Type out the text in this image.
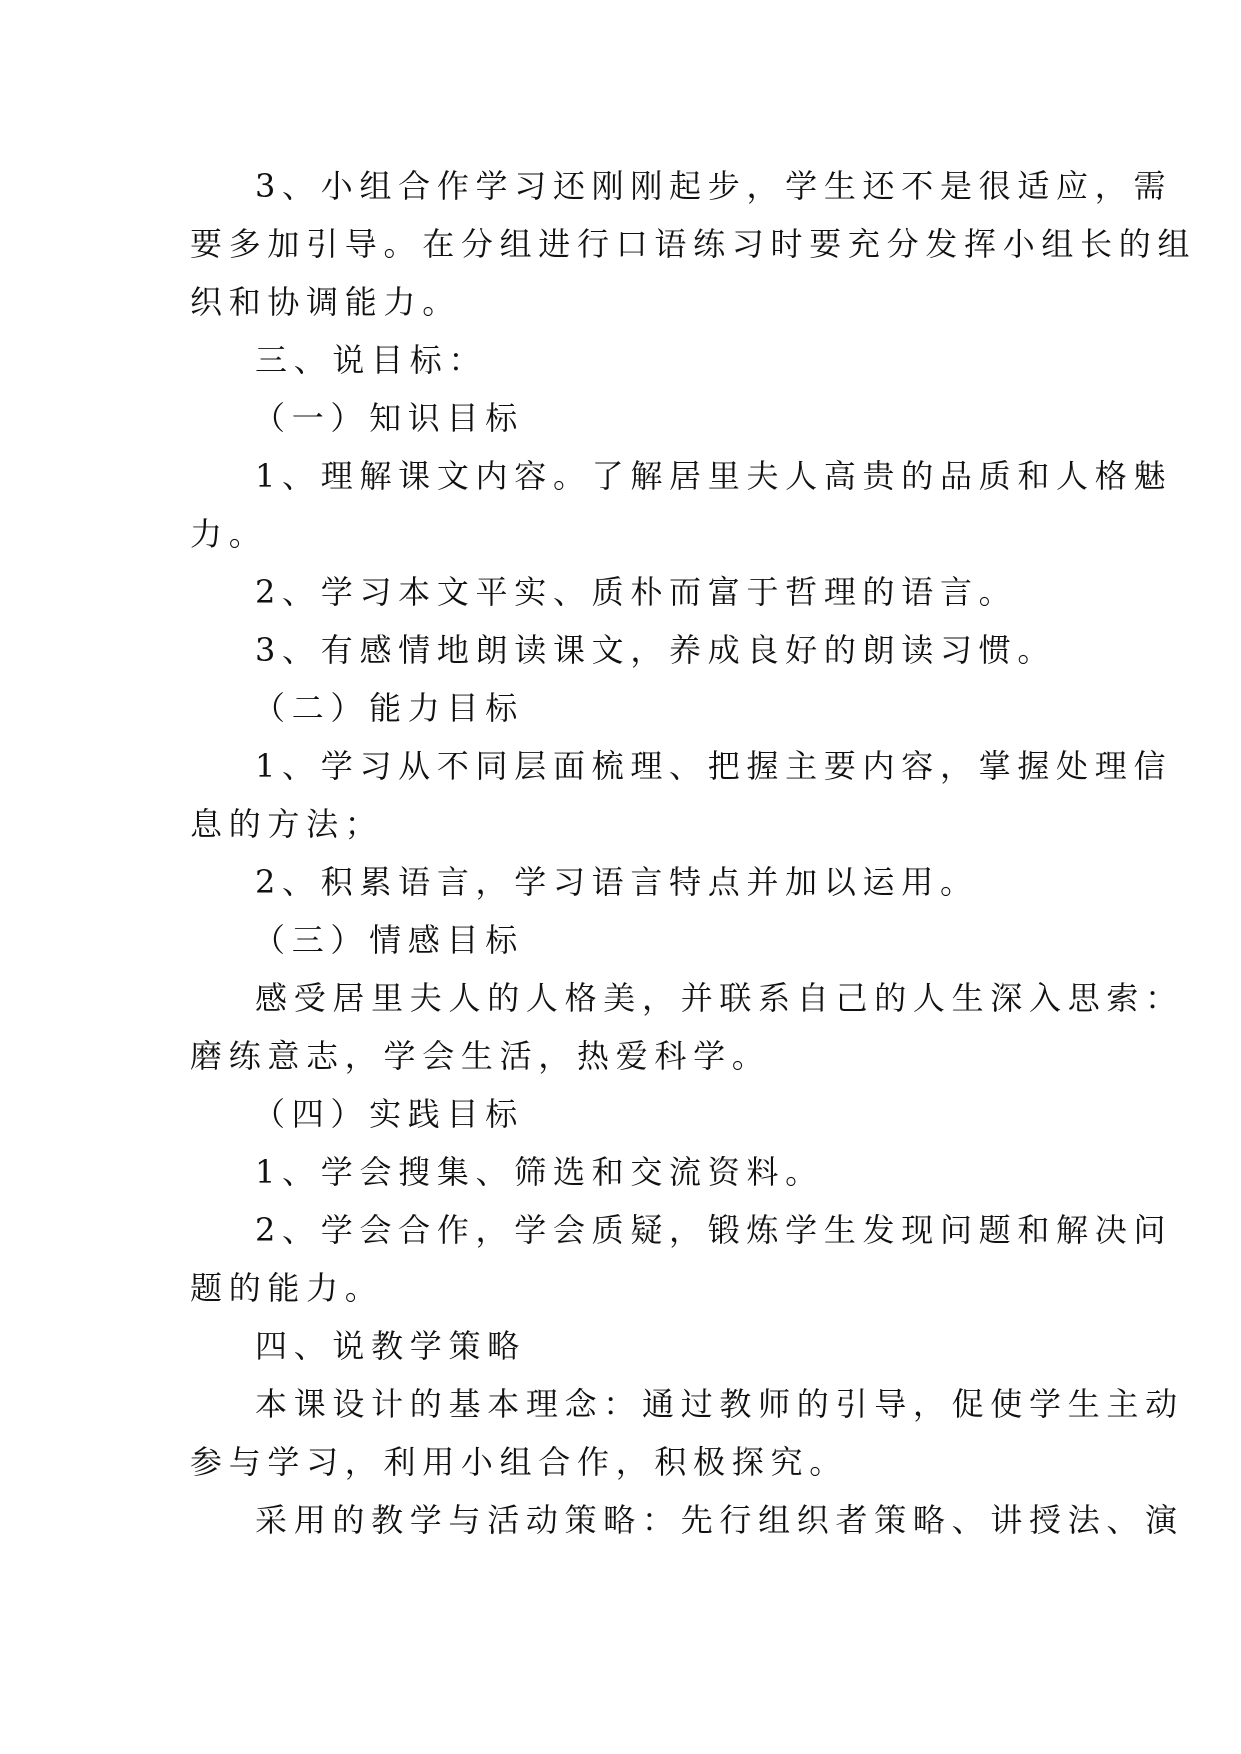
3、小组合作学习还刚刚起步，学生还不是很适应，需
要多加引导。在分组进行口语练习时要充分发挥小组长的组
织和协调能力。
三、说目标：
（一）知识目标
1、理解课文内容。了解居里夫人高贵的品质和人格魅
力。
2、学习本文平实、质朴而富于哲理的语言。
3、有感情地朗读课文，养成良好的朗读习惯。
（二）能力目标
1、学习从不同层面梳理、把握主要内容，掌握处理信
息的方法；
2、积累语言，学习语言特点并加以运用。
（三）情感目标
感受居里夫人的人格美，并联系自己的人生深入思索：
磨练意志，学会生活，热爱科学。
（四）实践目标
1、学会搜集、筛选和交流资料。
2、学会合作，学会质疑，锻炼学生发现问题和解决问
题的能力。
四、说教学策略
本课设计的基本理念：通过教师的引导，促使学生主动
参与学习，利用小组合作，积极探究。
采用的教学与活动策略：先行组织者策略、讲授法、演
